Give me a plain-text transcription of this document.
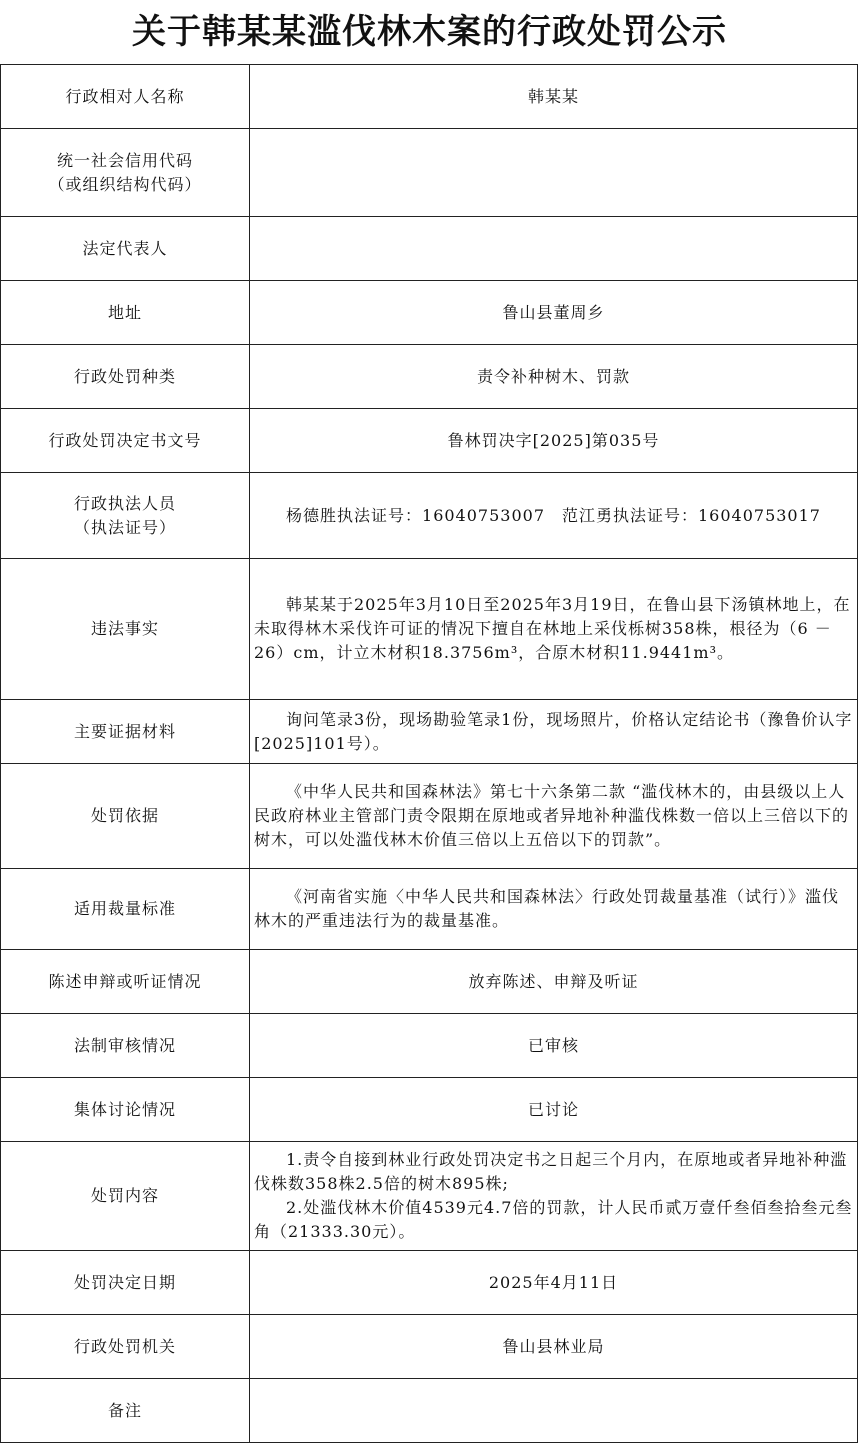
关于韩某某滥伐林木案的行政处罚公示
行政相对人名称	韩某某

统一社会信用代码
（或组织结构代码）	

法定代表人	
地址	鲁山县董周乡
行政处罚种类	责令补种树木、罚款
行政处罚决定书文号	鲁林罚决字[2025]第035号

行政执法人员
（执法证号）	杨德胜执法证号：16040753007　范江勇执法证号：16040753017
违法事实	韩某某于2025年3月10日至2025年3月19日，在鲁山县下汤镇林地上，在未取得林木采伐许可证的情况下擅自在林地上采伐栎树358株，根径为（6 － 26）cm，计立木材积18.3756m³，合原木材积11.9441m³。

主要证据材料	询问笔录3份，现场勘验笔录1份，现场照片，价格认定结论书（豫鲁价认字[2025]101号）。

处罚依据	《中华人民共和国森林法》第七十六条第二款 “滥伐林木的，由县级以上人民政府林业主管部门责令限期在原地或者异地补种滥伐株数一倍以上三倍以下的树木，可以处滥伐林木价值三倍以上五倍以下的罚款”。

适用裁量标准	《河南省实施〈中华人民共和国森林法〉行政处罚裁量基准（试行）》滥伐林木的严重违法行为的裁量基准。

陈述申辩或听证情况	放弃陈述、申辩及听证
法制审核情况	已审核
集体讨论情况	已讨论
处罚内容	1.责令自接到林业行政处罚决定书之日起三个月内，在原地或者异地补种滥伐株数358株2.5倍的树木895株;
2.处滥伐林木价值4539元4.7倍的罚款，计人民币贰万壹仟叁佰叁拾叁元叁角（21333.30元）。

处罚决定日期	2025年4月11日
行政处罚机关	鲁山县林业局
备注	
